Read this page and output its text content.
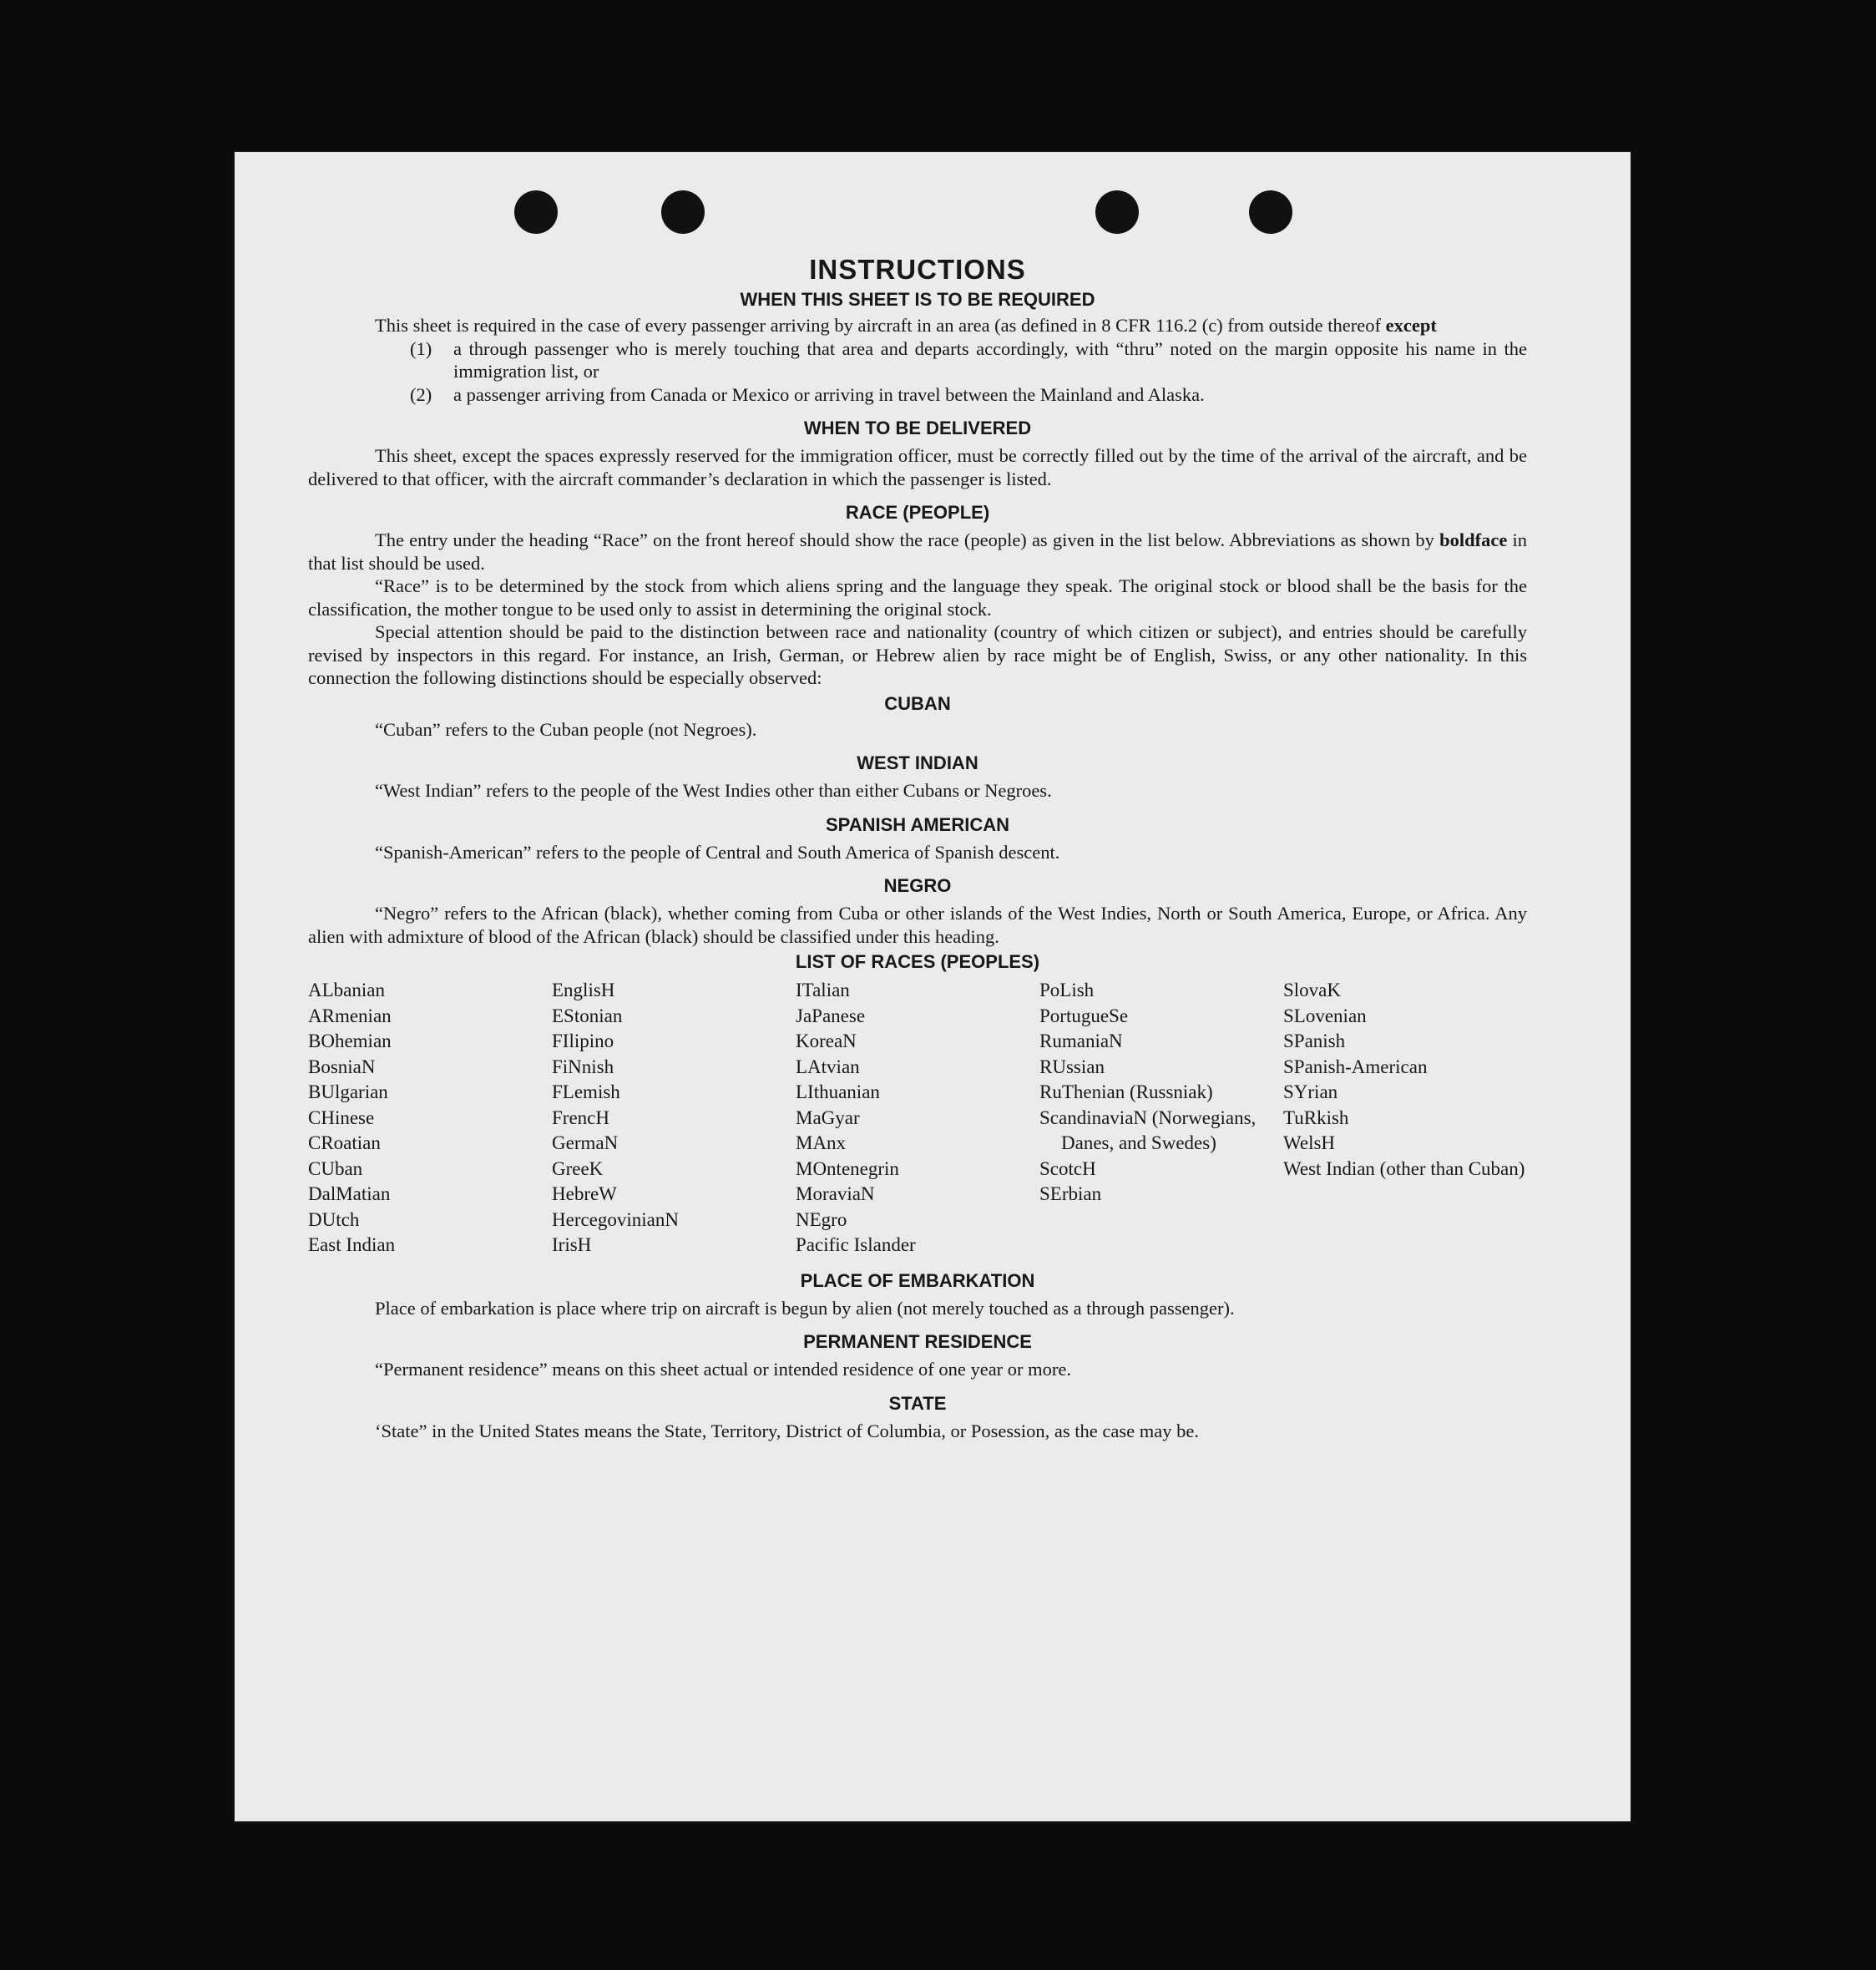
INSTRUCTIONS
WHEN THIS SHEET IS TO BE REQUIRED

This sheet is required in the case of every passenger arriving by aircraft in an area (as defined in 8 CFR 116.2 (c) from outside thereof except

(1)	a through passenger who is merely touching that area and departs accordingly, with “thru” noted on the margin opposite his name in the immigration list, or
(2)	a passenger arriving from Canada or Mexico or arriving in travel between the Mainland and Alaska.
WHEN TO BE DELIVERED

This sheet, except the spaces expressly reserved for the immigration officer, must be correctly filled out by the time of the arrival of the aircraft, and be delivered to that officer, with the aircraft commander’s declaration in which the passenger is listed.

RACE (PEOPLE)

The entry under the heading “Race” on the front hereof should show the race (people) as given in the list below. Abbreviations as shown by boldface in that list should be used.

“Race” is to be determined by the stock from which aliens spring and the language they speak. The original stock or blood shall be the basis for the classification, the mother tongue to be used only to assist in determining the original stock.

Special attention should be paid to the distinction between race and nationality (country of which citizen or subject), and entries should be carefully revised by inspectors in this regard. For instance, an Irish, German, or Hebrew alien by race might be of English, Swiss, or any other nationality. In this connection the following distinctions should be especially observed:

CUBAN

“Cuban” refers to the Cuban people (not Negroes).

WEST INDIAN

“West Indian” refers to the people of the West Indies other than either Cubans or Negroes.

SPANISH AMERICAN

“Spanish-American” refers to the people of Central and South America of Spanish descent.

NEGRO

“Negro” refers to the African (black), whether coming from Cuba or other islands of the West Indies, North or South America, Europe, or Africa. Any alien with admixture of blood of the African (black) should be classified under this heading.

LIST OF RACES (PEOPLES)
ALbanian
ARmenian
BOhemian
BosniaN
BUlgarian
CHinese
CRoatian
CUban
DalMatian
DUtch
East Indian
EnglisH
EStonian
FIlipino
FiNnish
FLemish
FrencH
GermaN
GreeK
HebreW
HercegovinianN
IrisH
ITalian
JaPanese
KoreaN
LAtvian
LIthuanian
MaGyar
MAnx
MOntenegrin
MoraviaN
NEgro
Pacific Islander
PoLish
PortugueSe
RumaniaN
RUssian
RuThenian (Russniak)
ScandinaviaN (Norwegians, Danes, and Swedes)
ScotcH
SErbian
SlovaK
SLovenian
SPanish
SPanish-American
SYrian
TuRkish
WelsH
West Indian (other than Cuban)
PLACE OF EMBARKATION

Place of embarkation is place where trip on aircraft is begun by alien (not merely touched as a through passenger).

PERMANENT RESIDENCE

“Permanent residence” means on this sheet actual or intended residence of one year or more.

STATE

‘State” in the United States means the State, Territory, District of Columbia, or Posession, as the case may be.
